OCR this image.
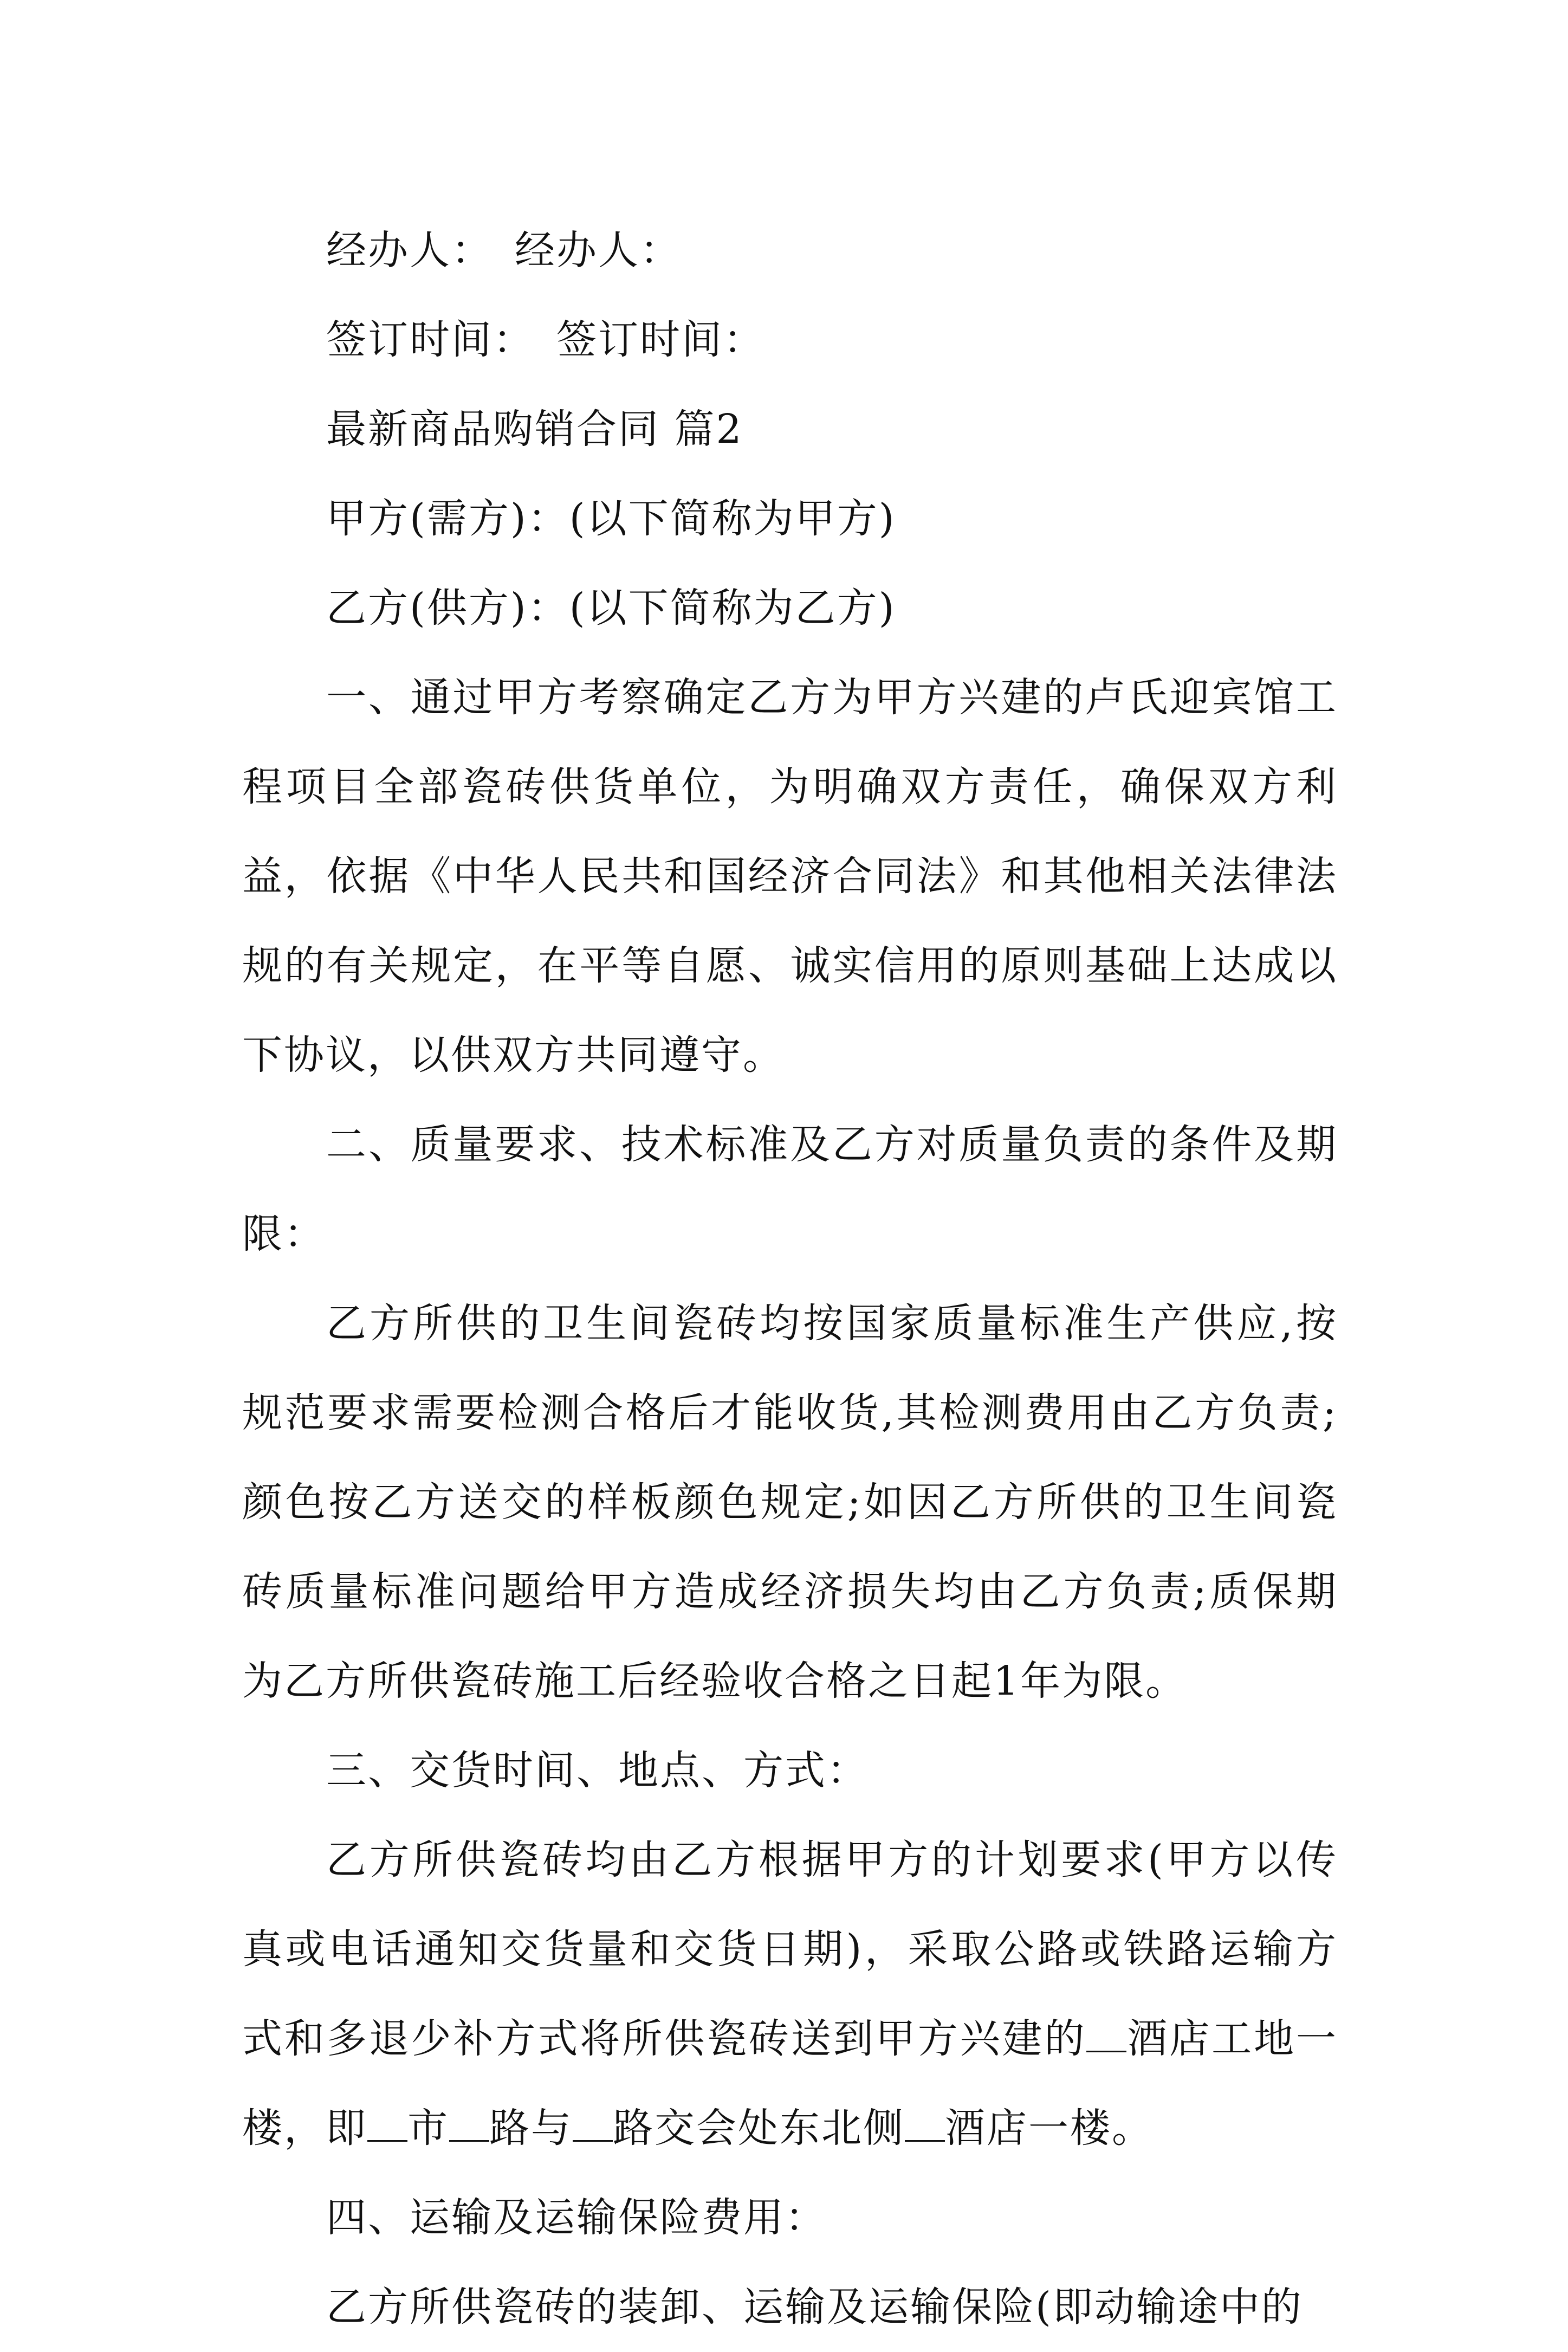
经办人：　经办人：
签订时间：　签订时间：
最新商品购销合同 篇2
甲方(需方)：(以下简称为甲方)
乙方(供方)：(以下简称为乙方)

一、通过甲方考察确定乙方为甲方兴建的卢氏迎宾馆工程项目全部瓷砖供货单位，为明确双方责任，确保双方利益，依据《中华人民共和国经济合同法》和其他相关法律法规的有关规定，在平等自愿、诚实信用的原则基础上达成以下协议，以供双方共同遵守。

二、质量要求、技术标准及乙方对质量负责的条件及期限：

乙方所供的卫生间瓷砖均按国家质量标准生产供应,按规范要求需要检测合格后才能收货,其检测费用由乙方负责;颜色按乙方送交的样板颜色规定;如因乙方所供的卫生间瓷砖质量标准问题给甲方造成经济损失均由乙方负责;质保期为乙方所供瓷砖施工后经验收合格之日起1年为限。

三、交货时间、地点、方式：

乙方所供瓷砖均由乙方根据甲方的计划要求(甲方以传真或电话通知交货量和交货日期)，采取公路或铁路运输方式和多退少补方式将所供瓷砖送到甲方兴建的 酒店工地一楼，即 市 路与 路交会处东北侧 酒店一楼。

四、运输及运输保险费用：
乙方所供瓷砖的装卸、运输及运输保险(即动输途中的
